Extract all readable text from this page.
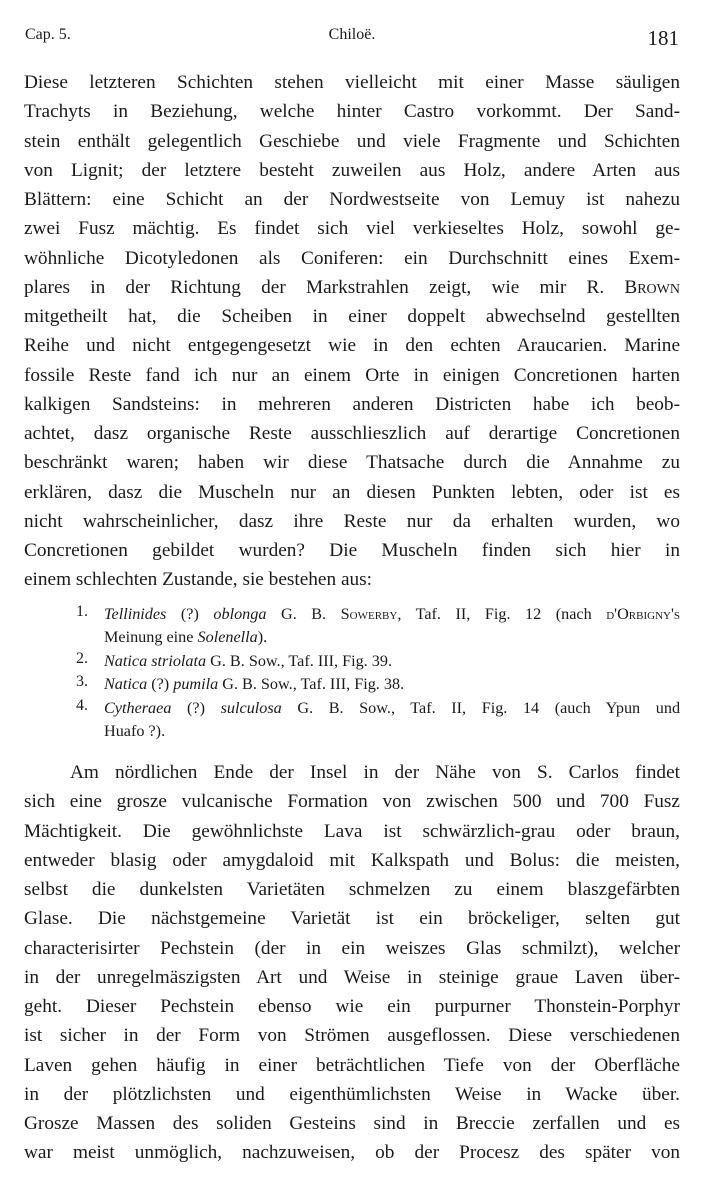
Cap. 5.	Chiloë.	181
Diese letzteren Schichten stehen vielleicht mit einer Masse säuligen
Trachyts in Beziehung, welche hinter Castro vorkommt. Der Sand-
stein enthält gelegentlich Geschiebe und viele Fragmente und Schichten
von Lignit; der letztere besteht zuweilen aus Holz, andere Arten aus
Blättern: eine Schicht an der Nordwestseite von Lemuy ist nahezu
zwei Fusz mächtig. Es findet sich viel verkieseltes Holz, sowohl ge-
wöhnliche Dicotyledonen als Coniferen: ein Durchschnitt eines Exem-
plares in der Richtung der Markstrahlen zeigt, wie mir R. Brown
mitgetheilt hat, die Scheiben in einer doppelt abwechselnd gestellten
Reihe und nicht entgegengesetzt wie in den echten Araucarien. Marine
fossile Reste fand ich nur an einem Orte in einigen Concretionen harten
kalkigen Sandsteins: in mehreren anderen Districten habe ich beob-
achtet, dasz organische Reste ausschlieszlich auf derartige Concretionen
beschränkt waren; haben wir diese Thatsache durch die Annahme zu
erklären, dasz die Muscheln nur an diesen Punkten lebten, oder ist es
nicht wahrscheinlicher, dasz ihre Reste nur da erhalten wurden, wo
Concretionen gebildet wurden? Die Muscheln finden sich hier in
einem schlechten Zustande, sie bestehen aus:
1. Tellinides (?) oblonga G. B. Sowerby, Taf. II, Fig. 12 (nach d'Orbigny's
Meinung eine Solenella).
2. Natica striolata G. B. Sow., Taf. III, Fig. 39.
3. Natica (?) pumila G. B. Sow., Taf. III, Fig. 38.
4. Cytheraea (?) sulculosa G. B. Sow., Taf. II, Fig. 14 (auch Ypun und
Huafo ?).
Am nördlichen Ende der Insel in der Nähe von S. Carlos findet
sich eine grosze vulcanische Formation von zwischen 500 und 700 Fusz
Mächtigkeit. Die gewöhnlichste Lava ist schwärzlich-grau oder braun,
entweder blasig oder amygdaloid mit Kalkspath und Bolus: die meisten,
selbst die dunkelsten Varietäten schmelzen zu einem blaszgefärbten
Glase. Die nächstgemeine Varietät ist ein bröckeliger, selten gut
characterisirter Pechstein (der in ein weiszes Glas schmilzt), welcher
in der unregelmäszigsten Art und Weise in steinige graue Laven über-
geht. Dieser Pechstein ebenso wie ein purpurner Thonstein-Porphyr
ist sicher in der Form von Strömen ausgeflossen. Diese verschiedenen
Laven gehen häufig in einer beträchtlichen Tiefe von der Oberfläche
in der plötzlichsten und eigenthümlichsten Weise in Wacke über.
Grosze Massen des soliden Gesteins sind in Breccie zerfallen und es
war meist unmöglich, nachzuweisen, ob der Procesz des später von
